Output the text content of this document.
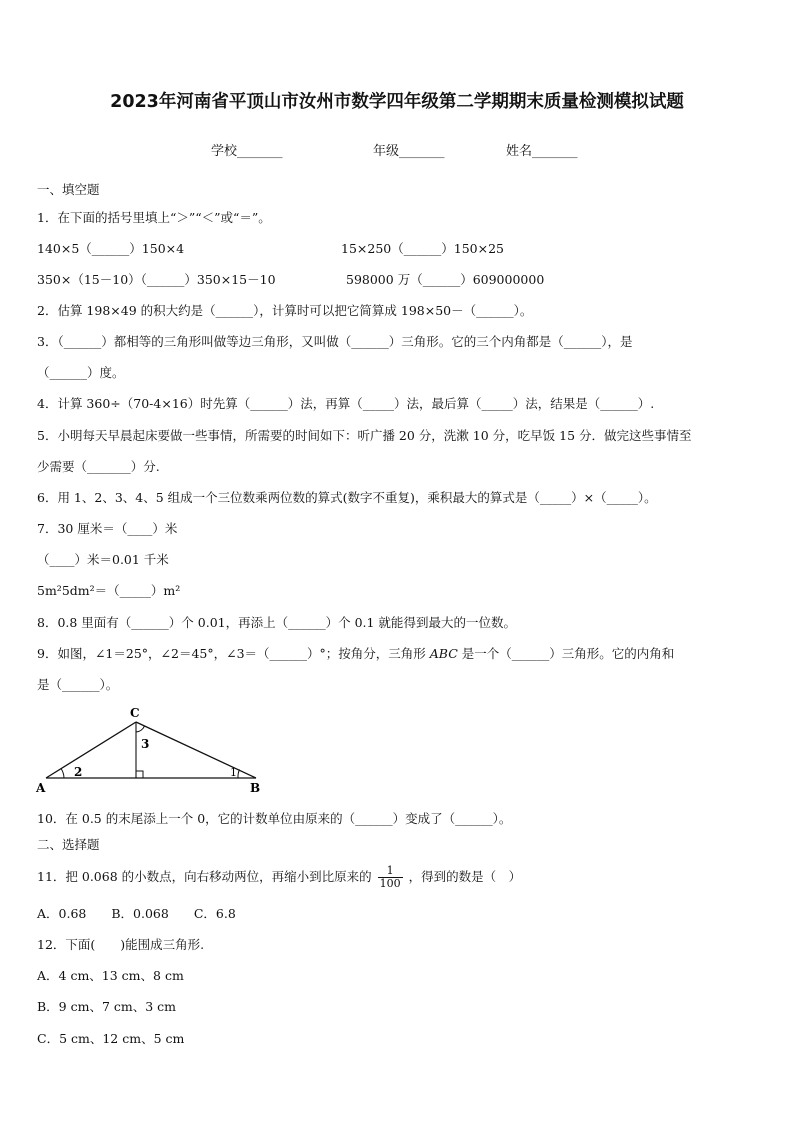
2023年河南省平顶山市汝州市数学四年级第二学期期末质量检测模拟试题
学校_______	年级_______	姓名_______
一、填空题
1．在下面的括号里填上“＞”“＜”或“＝”。
140×5（______）150×4	15×250（______）150×25
350×（15－10）（______）350×15－10	598000 万（______）609000000
2．估算 198×49 的积大约是（______），计算时可以把它简算成 198×50－（______）。
3．（______）都相等的三角形叫做等边三角形，又叫做（______）三角形。它的三个内角都是（______），是
（______）度。
4．计算 360÷（70-4×16）时先算（______）法，再算（_____）法，最后算（_____）法，结果是（______）.
5．小明每天早晨起床要做一些事情，所需要的时间如下：听广播 20 分，洗漱 10 分，吃早饭 15 分．做完这些事情至
少需要（_______）分.
6．用 1、2、3、4、5 组成一个三位数乘两位数的算式(数字不重复)，乘积最大的算式是（_____）×（_____）。
7．30 厘米＝（____）米
（____）米＝0.01 千米
5m²5dm²＝（_____）m²
8．0.8 里面有（______）个 0.01，再添上（______）个 0.1 就能得到最大的一位数。
9．如图，∠1＝25°，∠2＝45°，∠3＝（______）°；按角分，三角形 ABC 是一个（______）三角形。它的内角和
是（______）。
C
A	B
3
2	1
10．在 0.5 的末尾添上一个 0，它的计数单位由原来的（______）变成了（______）。
二、选择题
11．把 0.068 的小数点，向右移动两位，再缩小到比原来的 $\frac{1}{100}$ ，得到的数是（　）
A．0.68　　B．0.068　　C．6.8
12．下面(　　)能围成三角形.
A．4 cm、13 cm、8 cm
B．9 cm、7 cm、3 cm
C．5 cm、12 cm、5 cm
